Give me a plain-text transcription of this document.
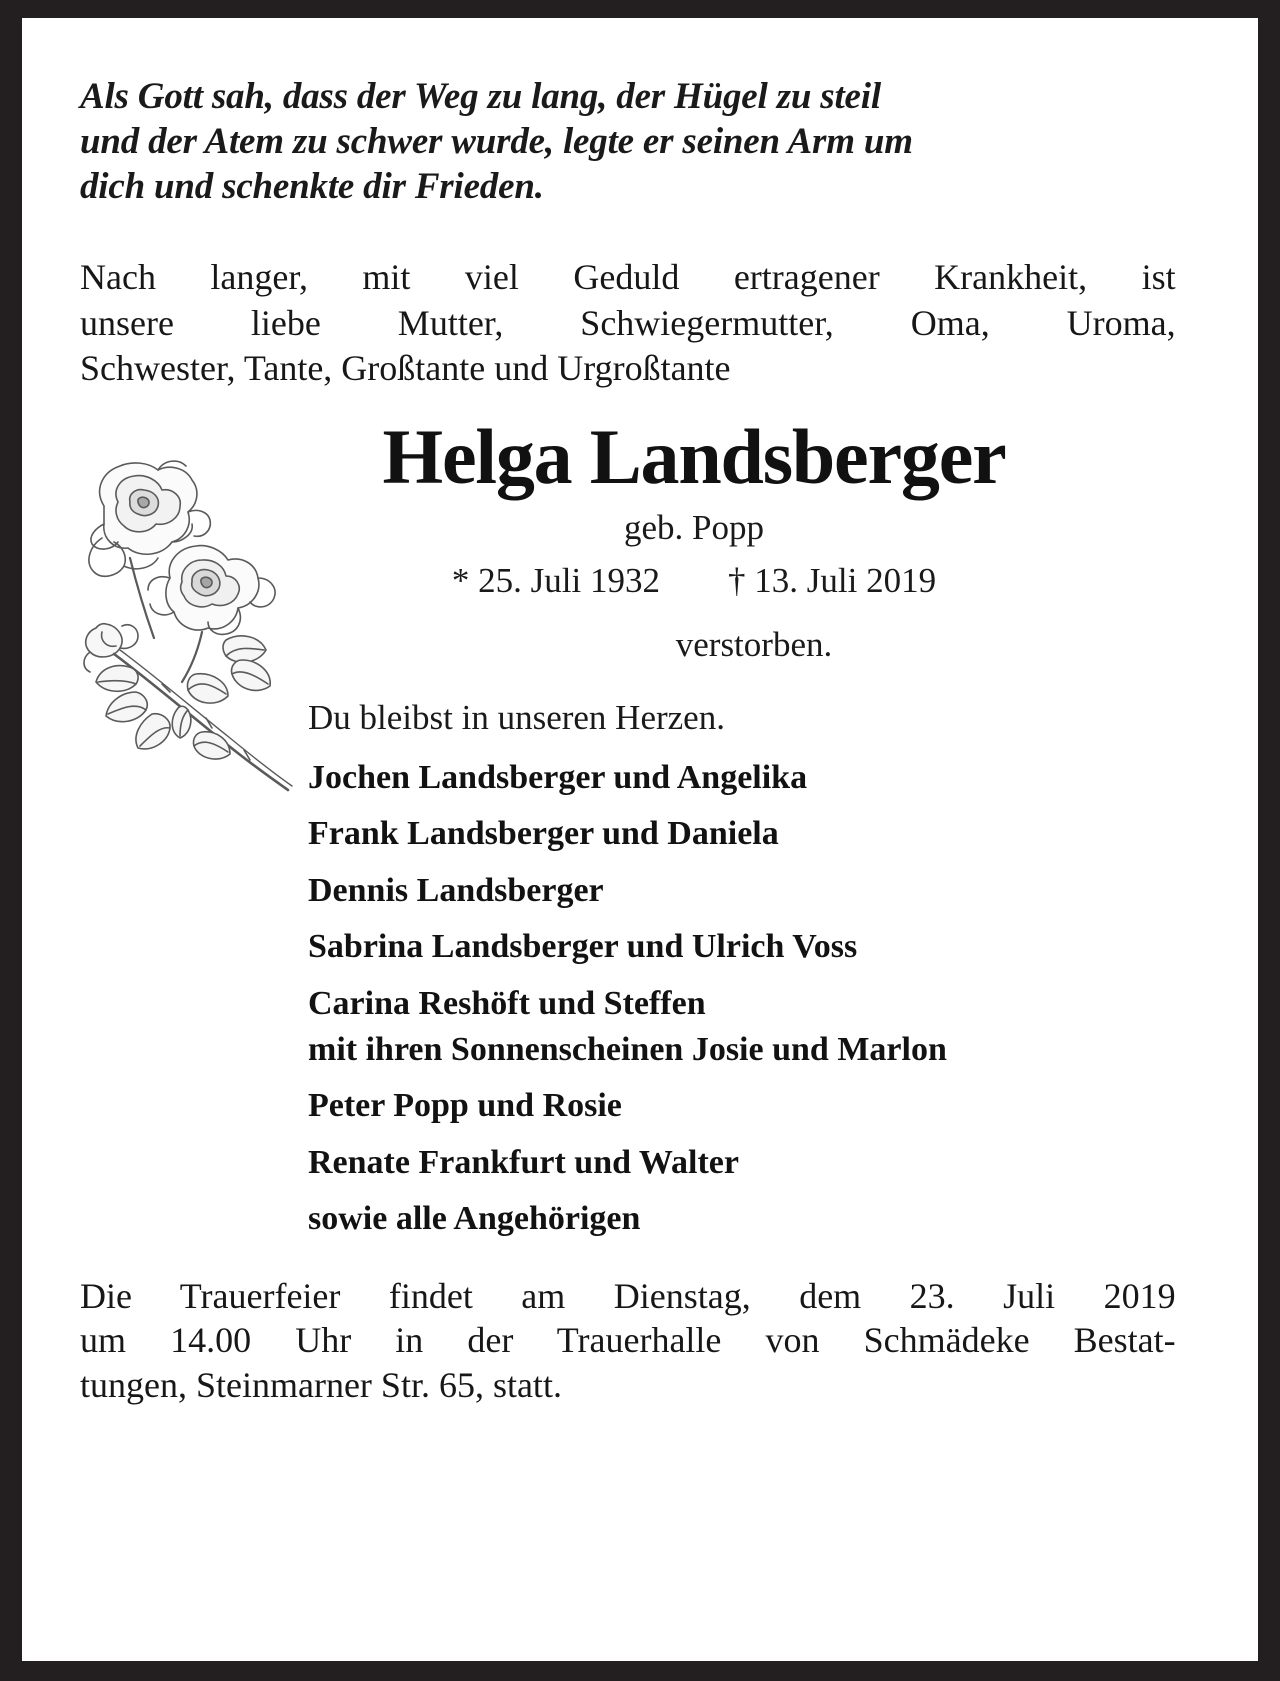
Als Gott sah, dass der Weg zu lang, der Hügel zu steil
und der Atem zu schwer wurde, legte er seinen Arm um
dich und schenkte dir Frieden.
Nach langer, mit viel Geduld ertragener Krankheit, ist
unsere liebe Mutter, Schwiegermutter, Oma, Uroma,
Schwester, Tante, Großtante und Urgroßtante
Helga Landsberger
geb. Popp
* 25. Juli 1932 † 13. Juli 2019
verstorben.
Du bleibst in unseren Herzen.
Jochen Landsberger und Angelika
Frank Landsberger und Daniela
Dennis Landsberger
Sabrina Landsberger und Ulrich Voss
Carina Reshöft und Steffen
mit ihren Sonnenscheinen Josie und Marlon
Peter Popp und Rosie
Renate Frankfurt und Walter
sowie alle Angehörigen
Die Trauerfeier findet am Dienstag, dem 23. Juli 2019
um 14.00 Uhr in der Trauerhalle von Schmädeke Bestat-
tungen, Steinmarner Str. 65, statt.
